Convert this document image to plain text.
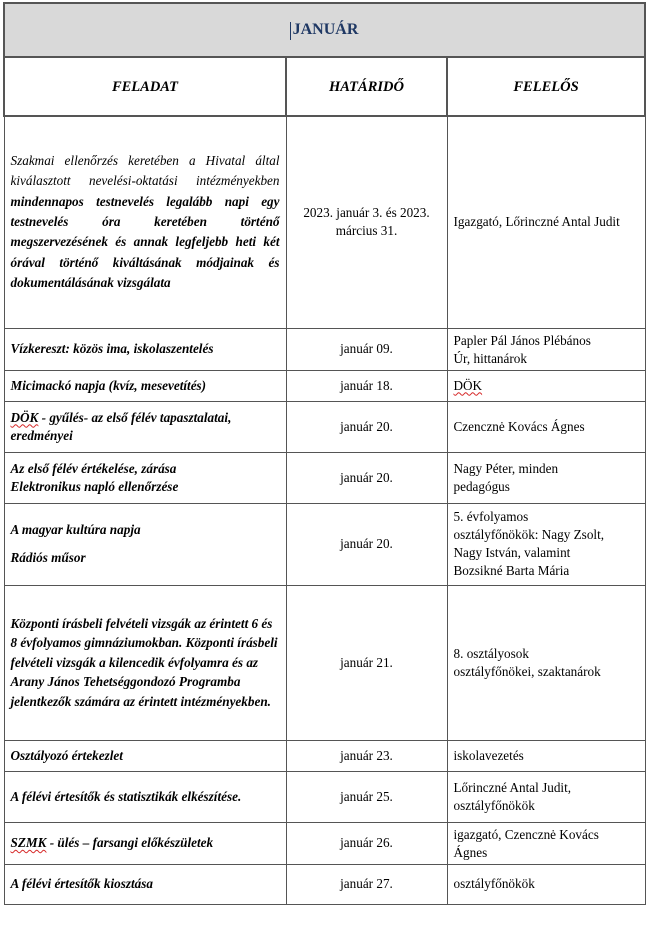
JANUÁR		
FELADAT	HATÁRIDŐ	FELELŐS
Szakmai ellenőrzés keretében a Hivatal által kiválasztott nevelési-oktatási intézményekben mindennapos testnevelés legalább napi egy testnevelés óra keretében történő megszervezésének és annak legfeljebb heti két órával történő kiváltásának módjainak és dokumentálásának vizsgálata	2023. január 3. és 2023. március 31.	Igazgató, Lőrinczné Antal Judit
Vízkereszt: közös ima, iskolaszentelés	január 09.	Papler Pál János Plébános
Úr, hittanárok

Micimackó napja (kvíz, mesevetítés)	január 18.	DÖK
DÖK - gyűlés- az első félév tapasztalatai, eredményei	január 20.	Czencznė Kovács Ágnes

Az első félév értékelése, zárása
Elektronikus napló ellenőrzése	január 20.	Nagy Péter, minden
pedagógus

A magyar kultúra napja
Rádiós műsor	január 20.	5. évfolyamos
osztályfőnökök: Nagy Zsolt,
Nagy István, valamint
Bozsikné Barta Mária

Központi írásbeli felvételi vizsgák az érintett 6 és 8 évfolyamos gimnáziumokban. Központi írásbeli felvételi vizsgák a kilencedik évfolyamra és az Arany János Tehetséggondozó Programba jelentkezők számára az érintett intézményekben.	január 21.	8. osztályosok
osztályfőnökei, szaktanárok

Osztályozó értekezlet	január 23.	iskolavezetés
A félévi értesítők és statisztikák elkészítése.	január 25.	Lőrinczné Antal Judit,
osztályfőnökök

SZMK - ülés – farsangi előkészületek	január 26.	igazgató, Czencznė Kovács
Ágnes

A félévi értesítők kiosztása	január 27.	osztályfőnökök
